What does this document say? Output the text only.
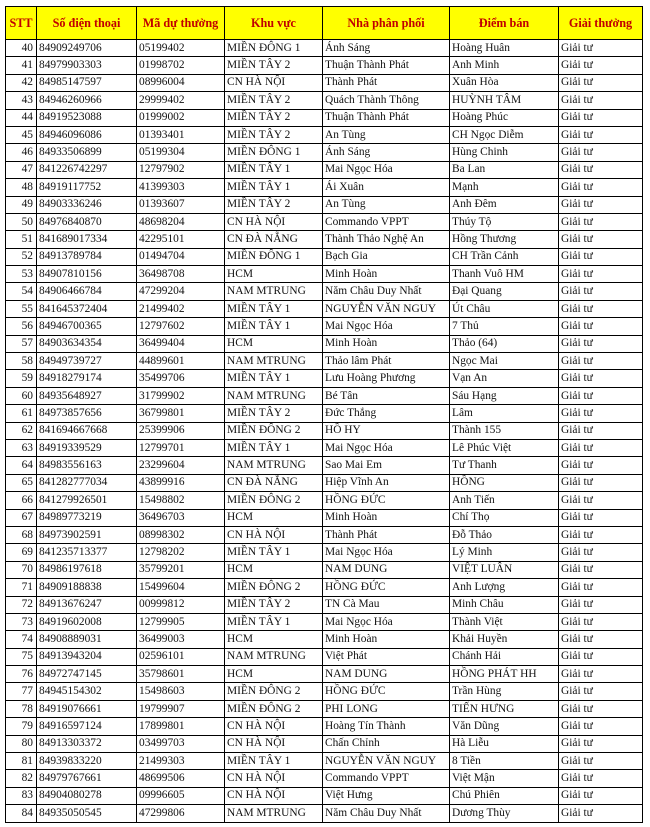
STT	Số điện thoại	Mã dự thưởng	Khu vực	Nhà phân phối	Điểm bán	Giải thưởng
40	84909249706	05199402	MIỀN ĐÔNG 1	Ánh Sáng	Hoàng Huân	Giải tư
41	84979903303	01998702	MIỀN TÂY 2	Thuận Thành Phát	Anh Minh	Giải tư
42	84985147597	08996004	CN HÀ NỘI	Thành Phát	Xuân Hòa	Giải tư
43	84946260966	29999402	MIỀN TÂY 2	Quách Thành Thông	HUỲNH TÂM	Giải tư
44	84919523088	01999002	MIỀN TÂY 2	Thuận Thành Phát	Hoàng Phúc	Giải tư
45	84946096086	01393401	MIỀN TÂY 2	An Tùng	CH Ngọc Diễm	Giải tư
46	84933506899	05199304	MIỀN ĐÔNG 1	Ánh Sáng	Hùng Chinh	Giải tư
47	841226742297	12797902	MIỀN TÂY 1	Mai Ngọc Hóa	Ba Lan	Giải tư
48	84919117752	41399303	MIỀN TÂY 1	Ái Xuân	Mạnh	Giải tư
49	84903336246	01393607	MIỀN TÂY 2	An Tùng	Anh Đêm	Giải tư
50	84976840870	48698204	CN HÀ NỘI	Commando VPPT	Thúy Tộ	Giải tư
51	841689017334	42295101	CN ĐÀ NẴNG	Thành Thảo Nghệ An	Hồng Thương	Giải tư
52	84913789784	01494704	MIỀN ĐÔNG 1	Bạch Gia	CH Trần Cảnh	Giải tư
53	84907810156	36498708	HCM	Minh Hoàn	Thanh Vuô HM	Giải tư
54	84906466784	47299204	NAM MTRUNG	Năm Châu Duy Nhất	Đại Quang	Giải tư
55	841645372404	21499402	MIỀN TÂY 1	NGUYỄN VĂN NGUY	Út Châu	Giải tư
56	84946700365	12797602	MIỀN TÂY 1	Mai Ngọc Hóa	7 Thủ	Giải tư
57	84903634354	36499404	HCM	Minh Hoàn	Thảo (64)	Giải tư
58	84949739727	44899601	NAM MTRUNG	Thảo lâm Phát	Ngọc Mai	Giải tư
59	84918279174	35499706	MIỀN TÂY 1	Lưu Hoàng Phương	Vạn An	Giải tư
60	84935648927	31799902	NAM MTRUNG	Bé Tân	Sáu Hạng	Giải tư
61	84973857656	36799801	MIỀN TÂY 2	Đức Thắng	Lâm	Giải tư
62	841694667668	25399906	MIỀN ĐÔNG 2	HỒ HY	Thành 155	Giải tư
63	84919339529	12799701	MIỀN TÂY 1	Mai Ngọc Hóa	Lê Phúc Việt	Giải tư
64	84983556163	23299604	NAM MTRUNG	Sao Mai Em	Tư Thanh	Giải tư
65	841282777034	43899916	CN ĐÀ NẴNG	Hiệp Vĩnh An	HỒNG	Giải tư
66	841279926501	15498802	MIỀN ĐÔNG 2	HỒNG ĐỨC	Anh Tiến	Giải tư
67	84989773219	36496703	HCM	Minh Hoàn	Chí Thọ	Giải tư
68	84973902591	08998302	CN HÀ NỘI	Thành Phát	Đỗ Thảo	Giải tư
69	841235713377	12798202	MIỀN TÂY 1	Mai Ngọc Hóa	Lý Minh	Giải tư
70	84986197618	35799201	HCM	NAM DUNG	VIỆT LUÂN	Giải tư
71	84909188838	15499604	MIỀN ĐÔNG 2	HỒNG ĐỨC	Anh Lượng	Giải tư
72	84913676247	00999812	MIỀN TÂY 2	TN Cà Mau	Minh Châu	Giải tư
73	84919602008	12799905	MIỀN TÂY 1	Mai Ngọc Hóa	Thành Việt	Giải tư
74	84908889031	36499003	HCM	Minh Hoàn	Khải Huyền	Giải tư
75	84913943204	02596101	NAM MTRUNG	Việt Phát	Chánh Hải	Giải tư
76	84972747145	35798601	HCM	NAM DUNG	HỒNG PHÁT HH	Giải tư
77	84945154302	15498603	MIỀN ĐÔNG 2	HỒNG ĐỨC	Trần Hùng	Giải tư
78	84919076661	19799907	MIỀN ĐÔNG 2	PHI LONG	TIẾN HƯNG	Giải tư
79	84916597124	17899801	CN HÀ NỘI	Hoàng Tín Thành	Văn Dũng	Giải tư
80	84913303372	03499703	CN HÀ NỘI	Chấn Chỉnh	Hà Liễu	Giải tư
81	84939833220	21499303	MIỀN TÂY 1	NGUYỄN VĂN NGUY	8 Tiền	Giải tư
82	84979767661	48699506	CN HÀ NỘI	Commando VPPT	Việt Mận	Giải tư
83	84904080278	09996605	CN HÀ NỘI	Việt Hưng	Chú Phiên	Giải tư
84	84935050545	47299806	NAM MTRUNG	Năm Châu Duy Nhất	Dương Thùy	Giải tư
